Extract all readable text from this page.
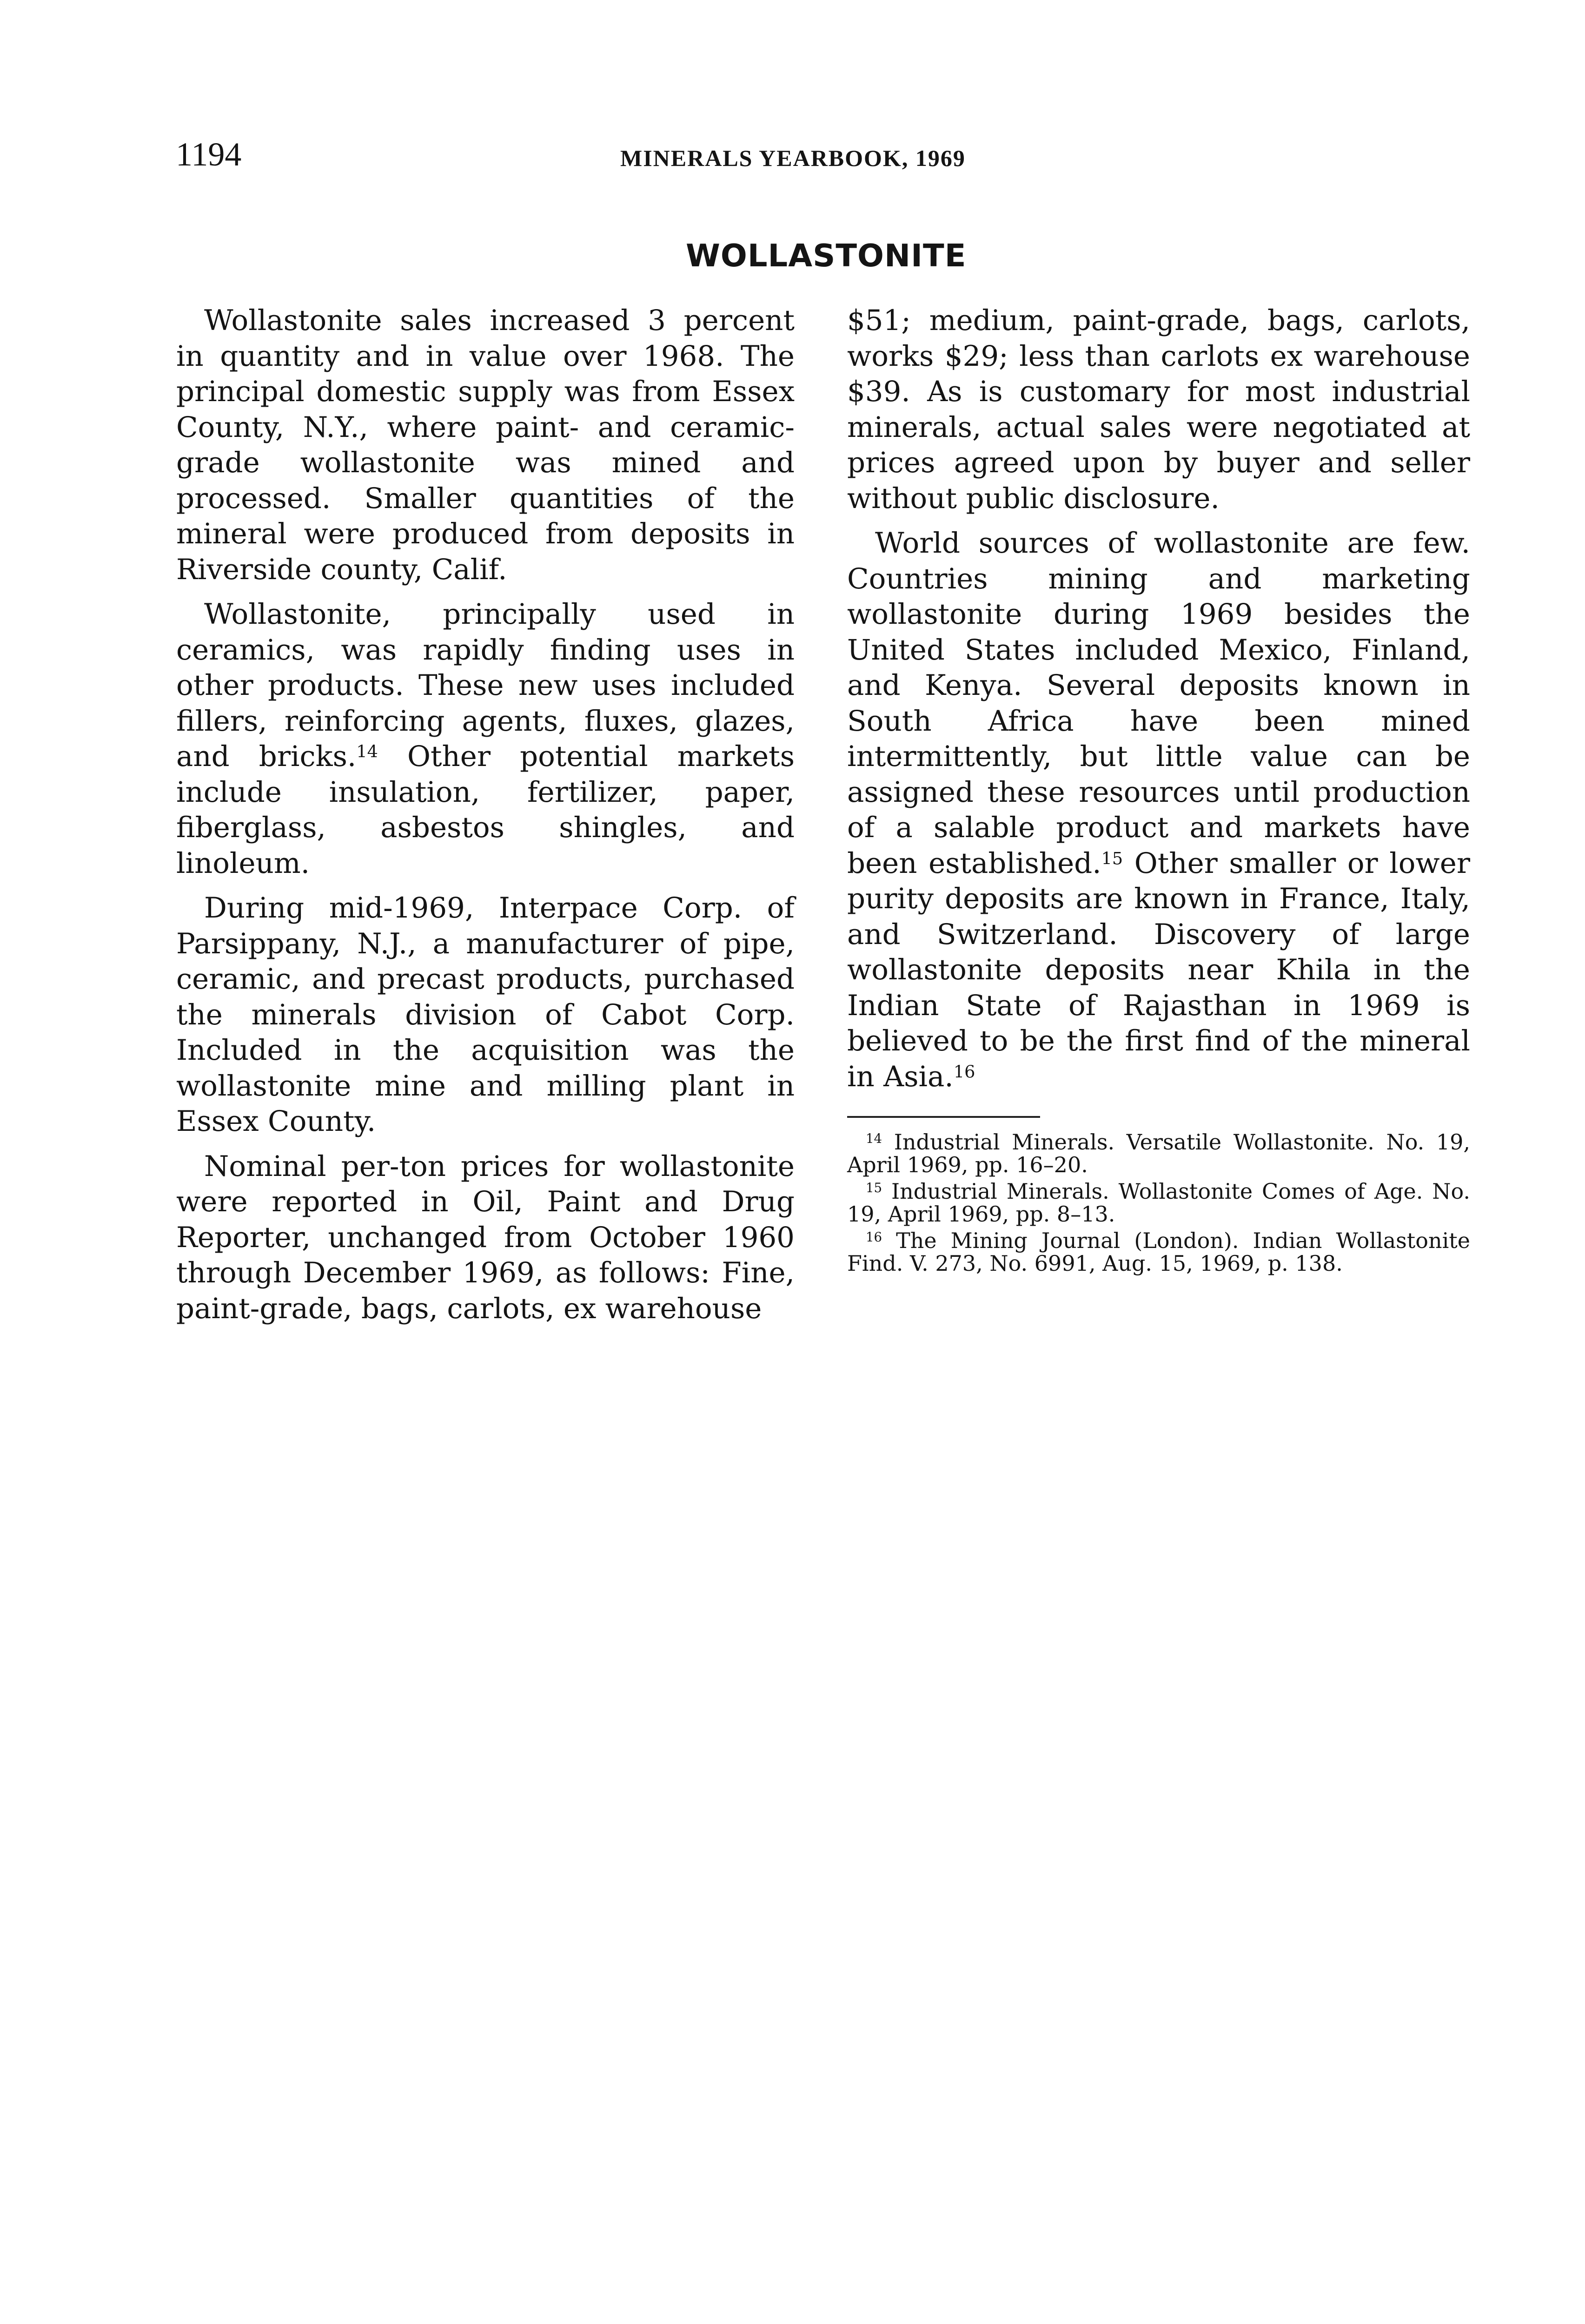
1194	MINERALS YEARBOOK, 1969
WOLLASTONITE

Wollastonite sales increased 3 percent in quantity and in value over 1968. The principal domestic supply was from Essex County, N.Y., where paint- and ceramic-grade wollastonite was mined and processed. Smaller quantities of the mineral were produced from deposits in Riverside county, Calif.

Wollastonite, principally used in ceramics, was rapidly finding uses in other products. These new uses included fillers, reinforcing agents, fluxes, glazes, and bricks.$^{14}$ Other potential markets include insulation, fertilizer, paper, fiberglass, asbestos shingles, and linoleum.

During mid-1969, Interpace Corp. of Parsippany, N.J., a manufacturer of pipe, ceramic, and precast products, purchased the minerals division of Cabot Corp. Included in the acquisition was the wollastonite mine and milling plant in Essex County.

Nominal per-ton prices for wollastonite were reported in Oil, Paint and Drug Reporter, unchanged from October 1960 through December 1969, as follows: Fine, paint-grade, bags, carlots, ex warehouse

$51; medium, paint-grade, bags, carlots, works $29; less than carlots ex warehouse $39. As is customary for most industrial minerals, actual sales were negotiated at prices agreed upon by buyer and seller without public disclosure.

World sources of wollastonite are few. Countries mining and marketing wollastonite during 1969 besides the United States included Mexico, Finland, and Kenya. Several deposits known in South Africa have been mined intermittently, but little value can be assigned these resources until production of a salable product and markets have been established.$^{15}$ Other smaller or lower purity deposits are known in France, Italy, and Switzerland. Discovery of large wollastonite deposits near Khila in the Indian State of Rajasthan in 1969 is believed to be the first find of the mineral in Asia.$^{16}$

$^{14}$ Industrial Minerals. Versatile Wollastonite. No. 19, April 1969, pp. 16–20.

$^{15}$ Industrial Minerals. Wollastonite Comes of Age. No. 19, April 1969, pp. 8–13.

$^{16}$ The Mining Journal (London). Indian Wollastonite Find. V. 273, No. 6991, Aug. 15, 1969, p. 138.
